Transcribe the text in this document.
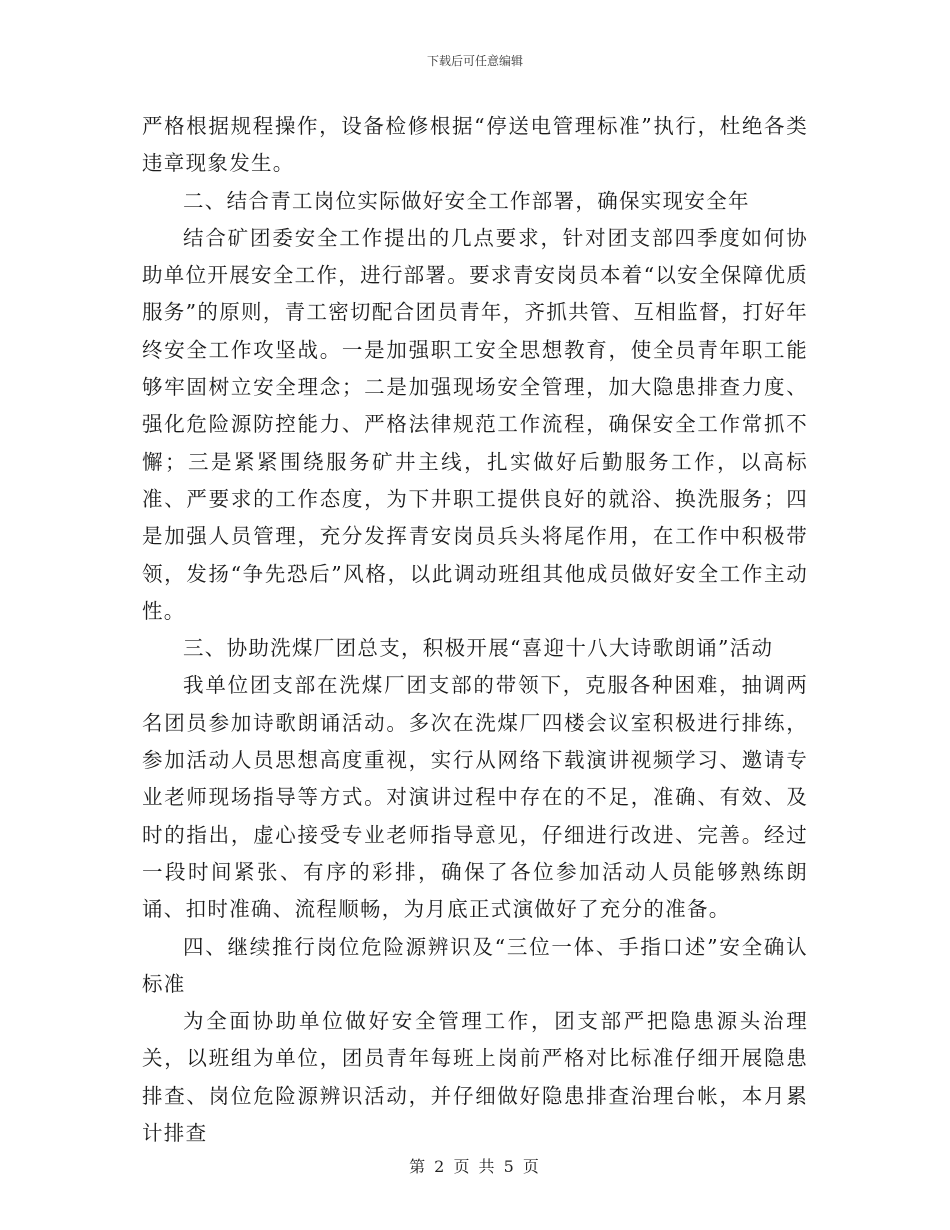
下载后可任意编辑

严格根据规程操作，设备检修根据“停送电管理标准”执行，杜绝各类违章现象发生。

二、结合青工岗位实际做好安全工作部署，确保实现安全年

结合矿团委安全工作提出的几点要求，针对团支部四季度如何协助单位开展安全工作，进行部署。要求青安岗员本着“以安全保障优质服务”的原则，青工密切配合团员青年，齐抓共管、互相监督，打好年终安全工作攻坚战。一是加强职工安全思想教育，使全员青年职工能够牢固树立安全理念；二是加强现场安全管理，加大隐患排查力度、强化危险源防控能力、严格法律规范工作流程，确保安全工作常抓不懈；三是紧紧围绕服务矿井主线，扎实做好后勤服务工作，以高标准、严要求的工作态度，为下井职工提供良好的就浴、换洗服务；四是加强人员管理，充分发挥青安岗员兵头将尾作用，在工作中积极带领，发扬“争先恐后”风格，以此调动班组其他成员做好安全工作主动性。

三、协助洗煤厂团总支，积极开展“喜迎十八大诗歌朗诵”活动

我单位团支部在洗煤厂团支部的带领下，克服各种困难，抽调两名团员参加诗歌朗诵活动。多次在洗煤厂四楼会议室积极进行排练，参加活动人员思想高度重视，实行从网络下载演讲视频学习、邀请专业老师现场指导等方式。对演讲过程中存在的不足，准确、有效、及时的指出，虚心接受专业老师指导意见，仔细进行改进、完善。经过一段时间紧张、有序的彩排，确保了各位参加活动人员能够熟练朗诵、扣时准确、流程顺畅，为月底正式演做好了充分的准备。

四、继续推行岗位危险源辨识及“三位一体、手指口述”安全确认标准

为全面协助单位做好安全管理工作，团支部严把隐患源头治理关，以班组为单位，团员青年每班上岗前严格对比标准仔细开展隐患排查、岗位危险源辨识活动，并仔细做好隐患排查治理台帐，本月累计排查

第 2 页 共 5 页
